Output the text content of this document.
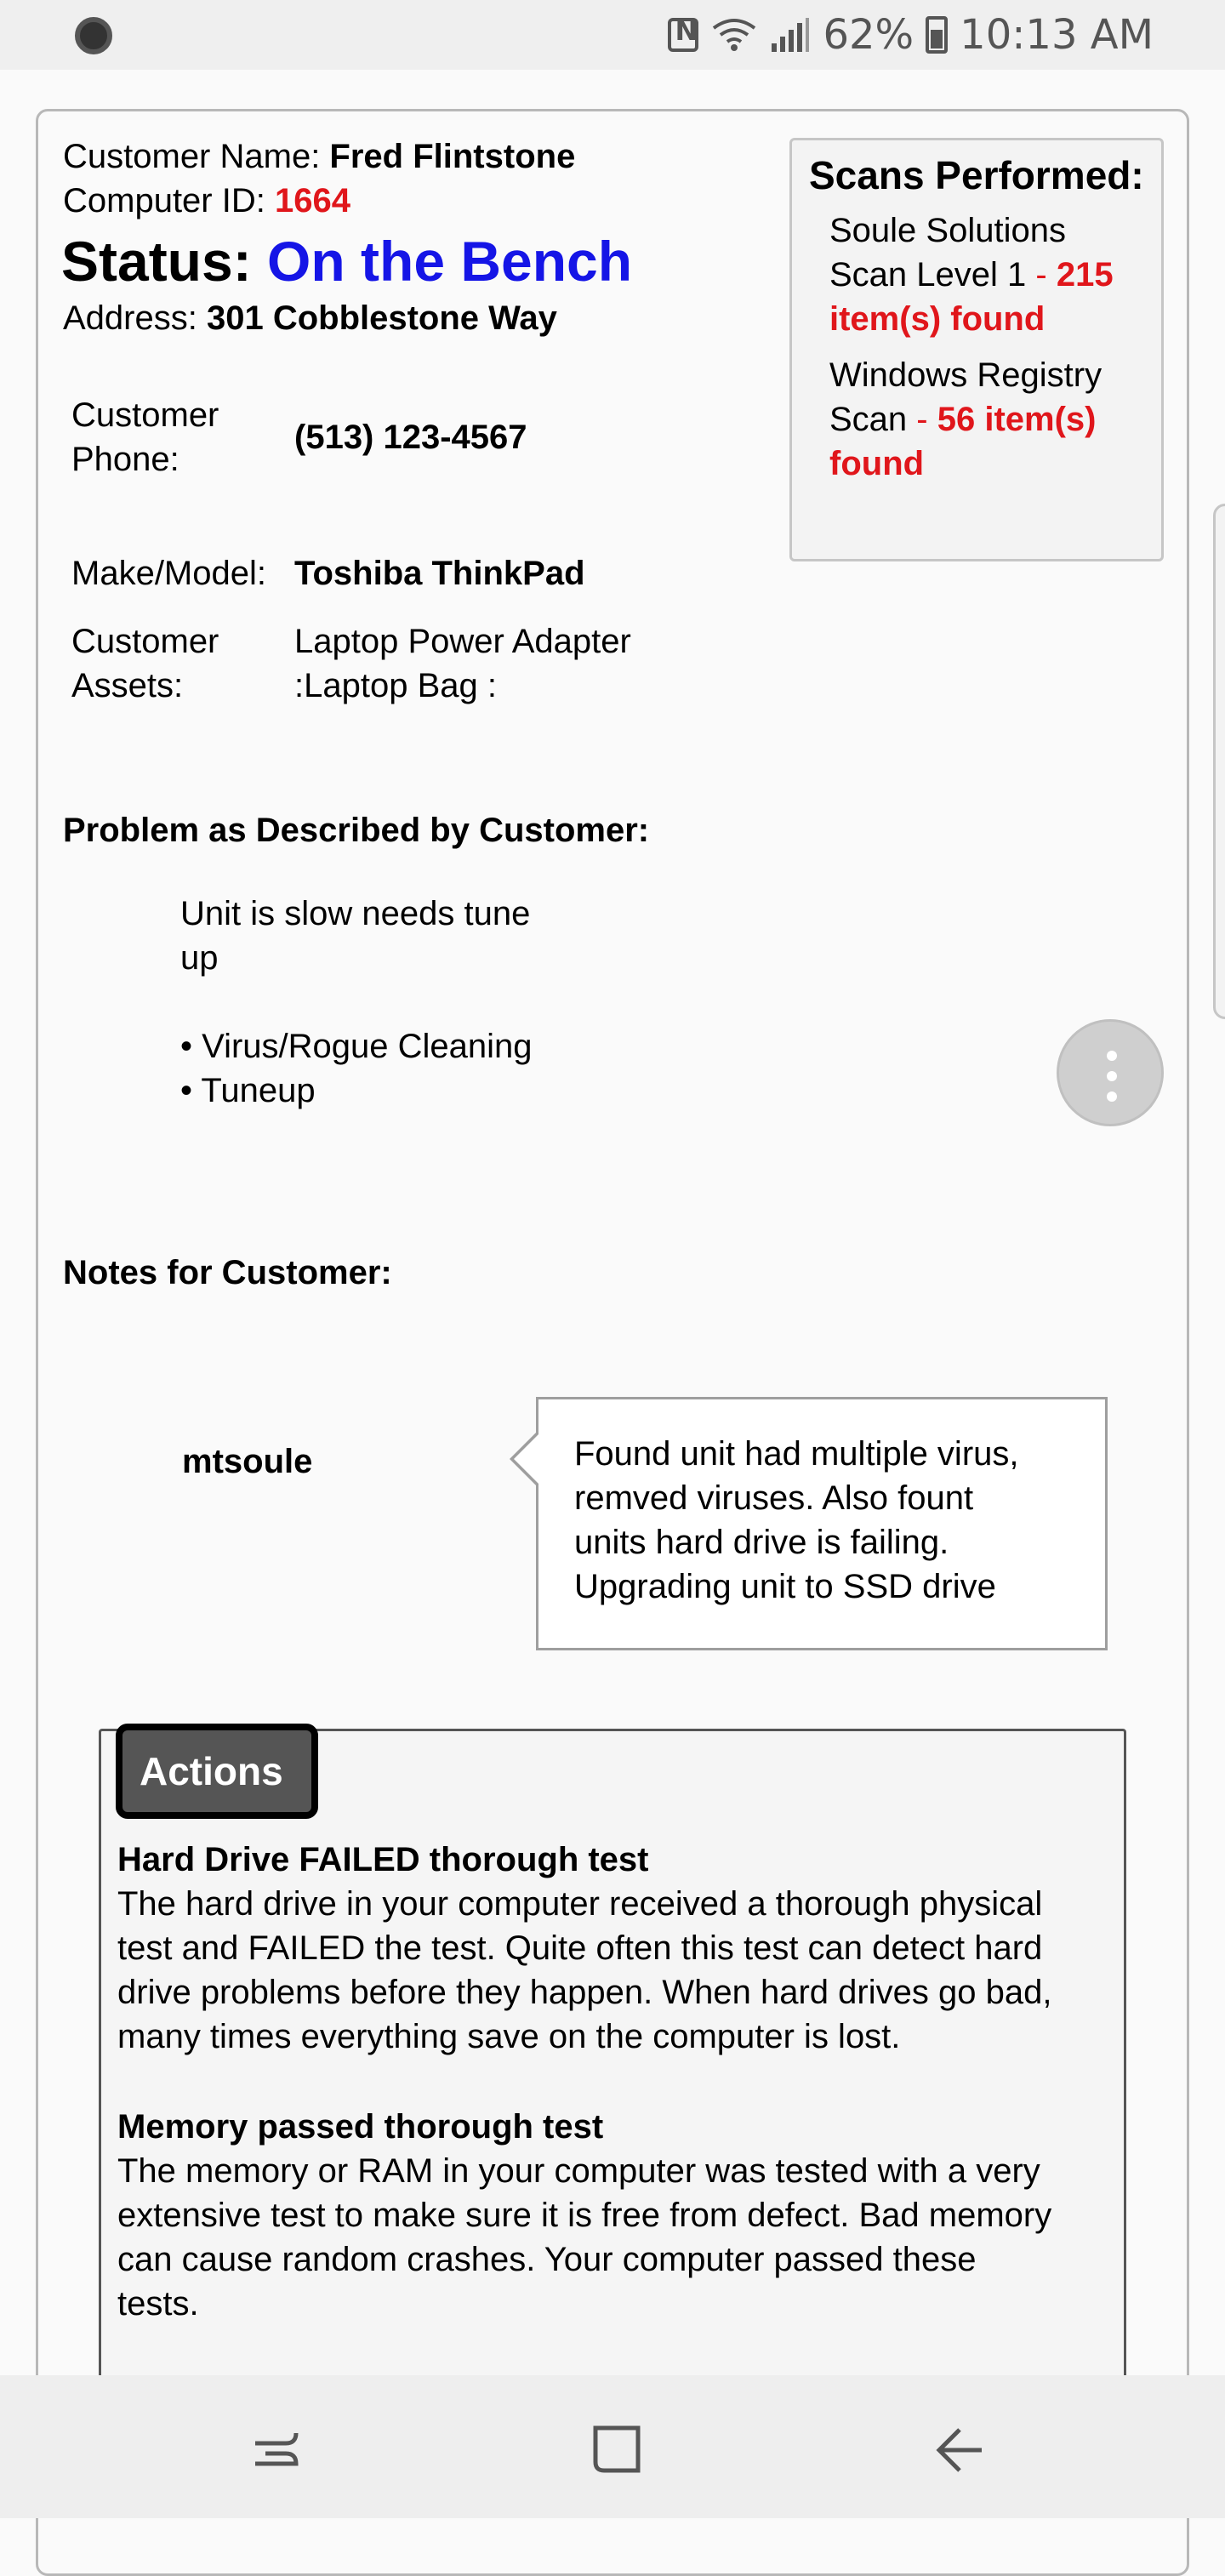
N
62% 10:13 AM
Customer Name: Fred Flintstone
Computer ID: 1664
Status: On the Bench
Address: 301 Cobblestone Way
Customer
Phone:
(513) 123-4567
Make/Model: Toshiba ThinkPad
Customer
Assets:
Laptop Power Adapter
:Laptop Bag :
Scans Performed:
Soule Solutions
Scan Level 1 - 215
item(s) found
Windows Registry
Scan - 56 item(s)
found
Problem as Described by Customer:
Unit is slow needs tune
up
• Virus/Rogue Cleaning
• Tuneup
Notes for Customer:
mtsoule	Found unit had multiple virus,
remved viruses. Also fount
units hard drive is failing.
Upgrading unit to SSD drive
Actions
Hard Drive FAILED thorough test
The hard drive in your computer received a thorough physical
test and FAILED the test. Quite often this test can detect hard
drive problems before they happen. When hard drives go bad,
many times everything save on the computer is lost.
Memory passed thorough test
The memory or RAM in your computer was tested with a very
extensive test to make sure it is free from defect. Bad memory
can cause random crashes. Your computer passed these
tests.
